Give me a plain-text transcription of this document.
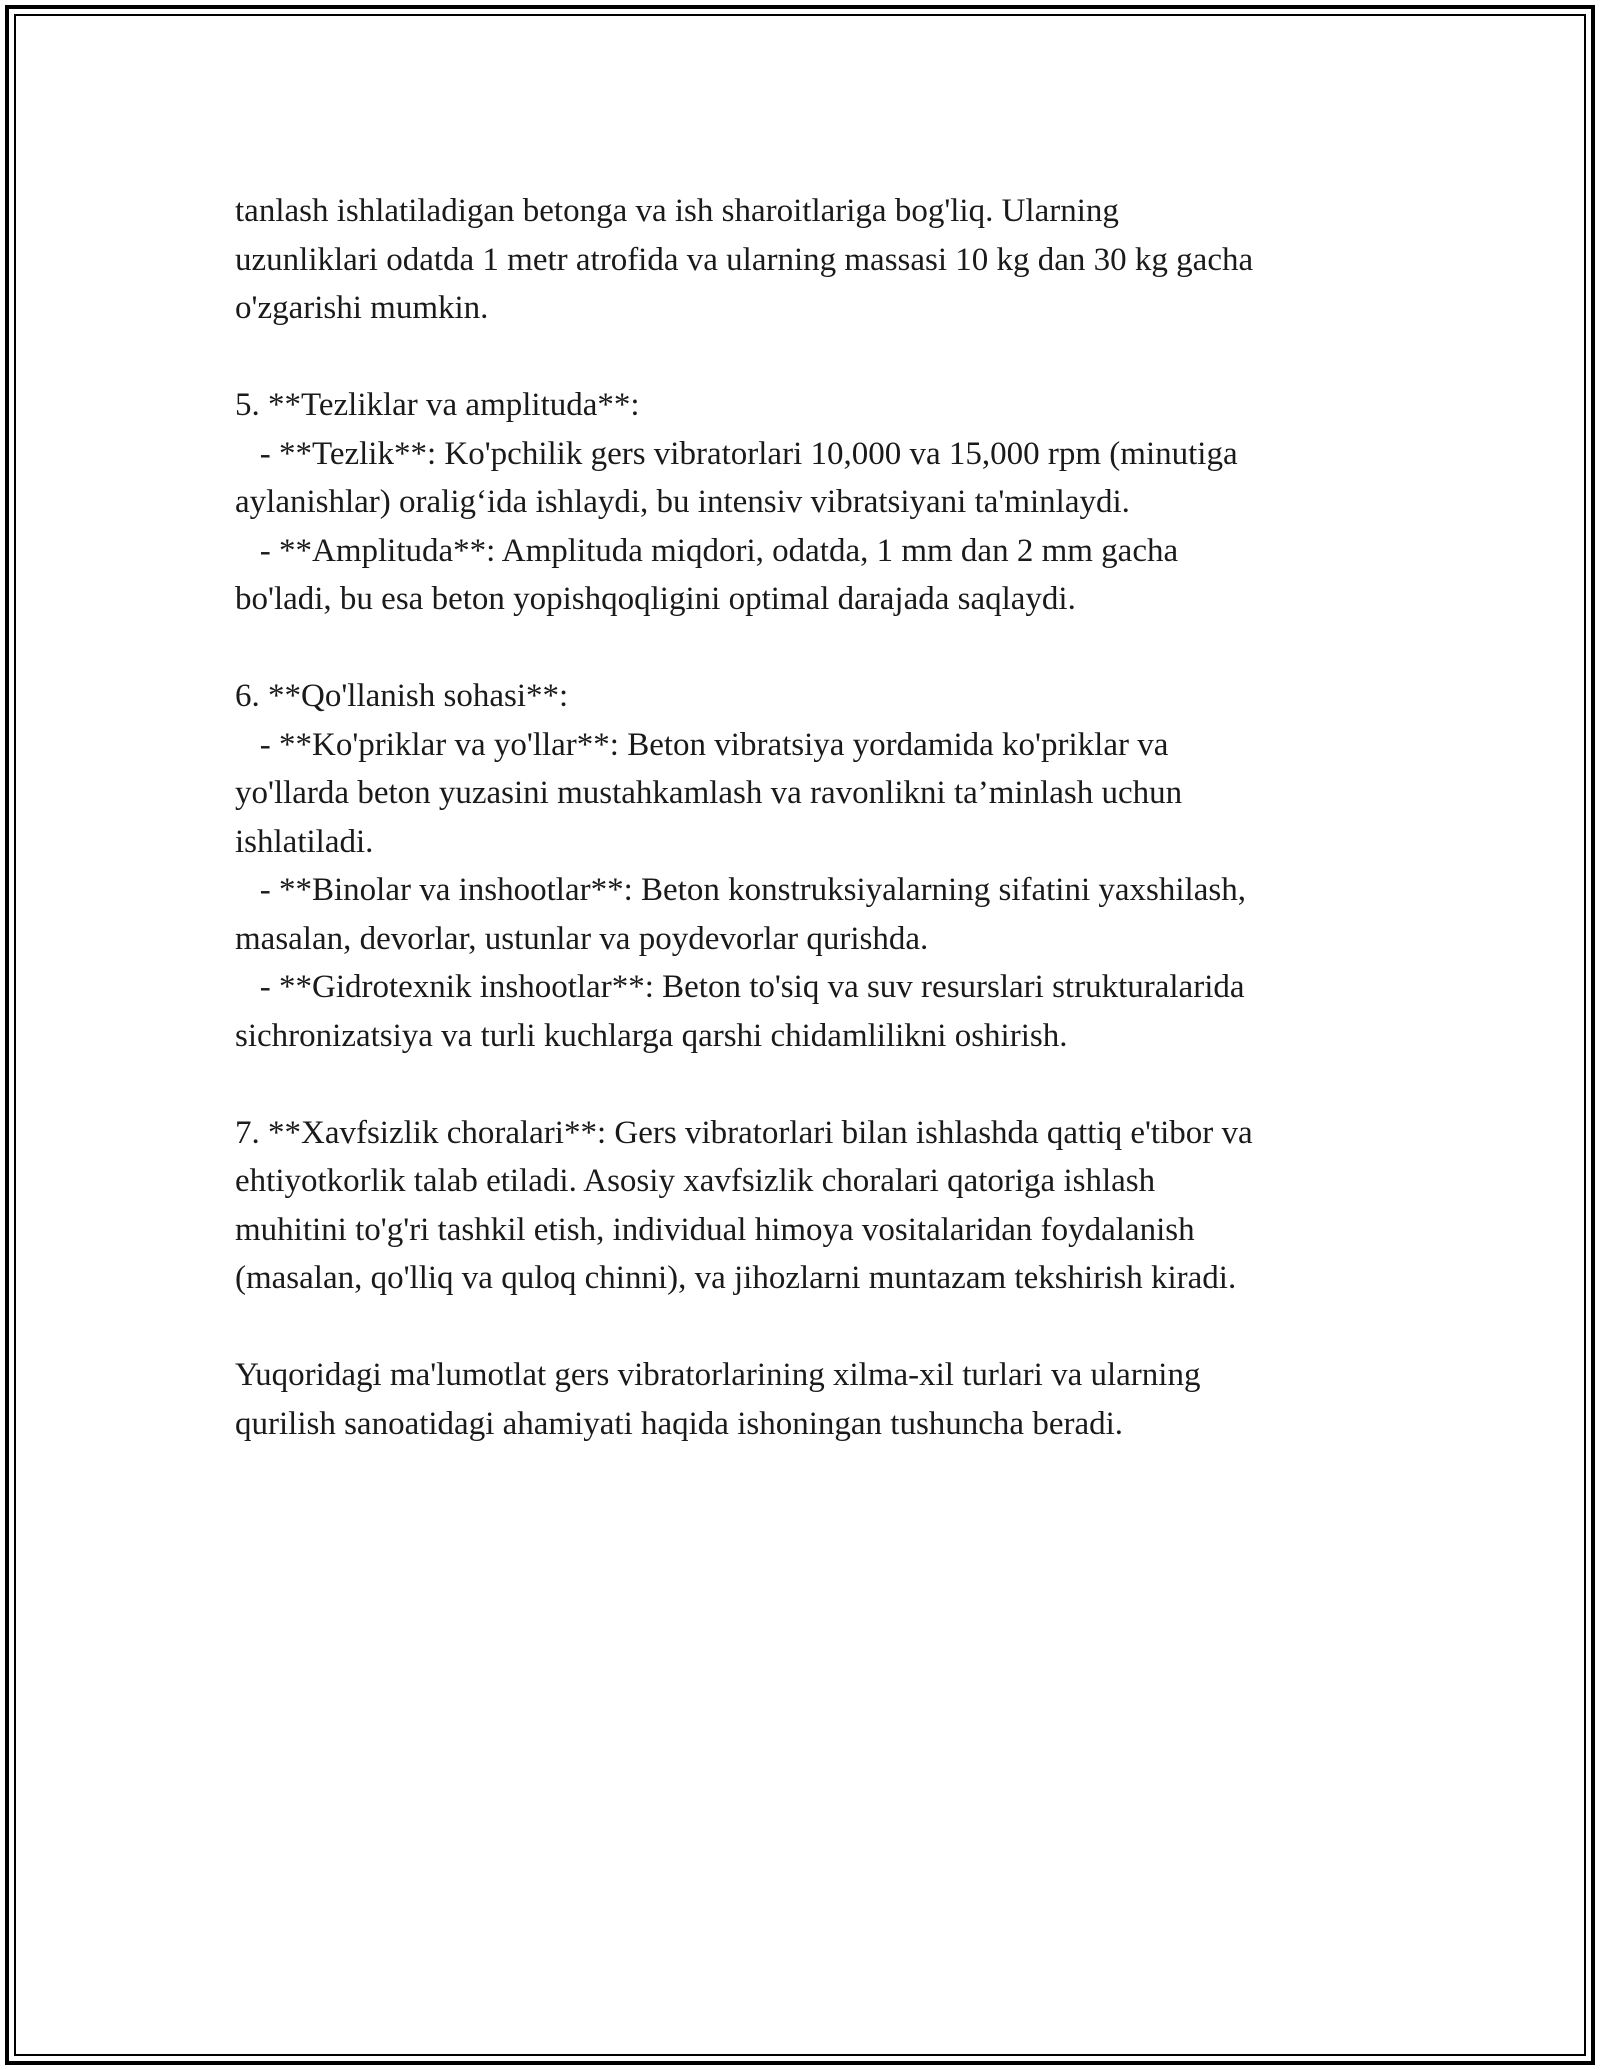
tanlash ishlatiladigan betonga va ish sharoitlariga bog'liq. Ularning
uzunliklari odatda 1 metr atrofida va ularning massasi 10 kg dan 30 kg gacha
o'zgarishi mumkin.
5. **Tezliklar va amplituda**:
- **Tezlik**: Ko'pchilik gers vibratorlari 10,000 va 15,000 rpm (minutiga
aylanishlar) oralig‘ida ishlaydi, bu intensiv vibratsiyani ta'minlaydi.
- **Amplituda**: Amplituda miqdori, odatda, 1 mm dan 2 mm gacha
bo'ladi, bu esa beton yopishqoqligini optimal darajada saqlaydi.
6. **Qo'llanish sohasi**:
- **Ko'priklar va yo'llar**: Beton vibratsiya yordamida ko'priklar va
yo'llarda beton yuzasini mustahkamlash va ravonlikni ta’minlash uchun
ishlatiladi.
- **Binolar va inshootlar**: Beton konstruksiyalarning sifatini yaxshilash,
masalan, devorlar, ustunlar va poydevorlar qurishda.
- **Gidrotexnik inshootlar**: Beton to'siq va suv resurslari strukturalarida
sichronizatsiya va turli kuchlarga qarshi chidamlilikni oshirish.
7. **Xavfsizlik choralari**: Gers vibratorlari bilan ishlashda qattiq e'tibor va
ehtiyotkorlik talab etiladi. Asosiy xavfsizlik choralari qatoriga ishlash
muhitini to'g'ri tashkil etish, individual himoya vositalaridan foydalanish
(masalan, qo'lliq va quloq chinni), va jihozlarni muntazam tekshirish kiradi.
Yuqoridagi ma'lumotlat gers vibratorlarining xilma-xil turlari va ularning
qurilish sanoatidagi ahamiyati haqida ishoningan tushuncha beradi.
